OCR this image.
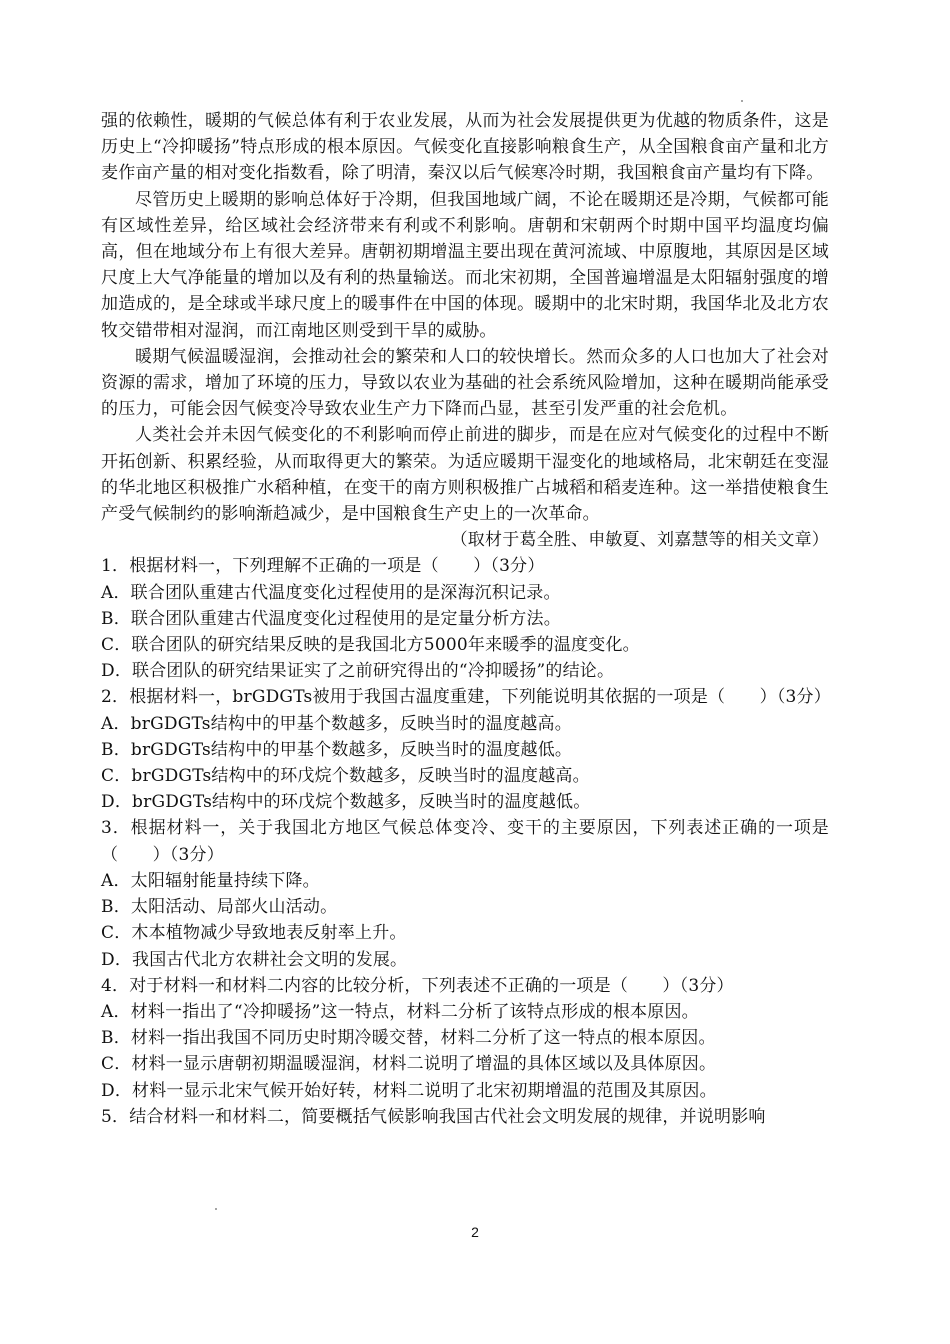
强的依赖性，暖期的气候总体有利于农业发展，从而为社会发展提供更为优越的物质条件，这是历史上“冷抑暖扬”特点形成的根本原因。气候变化直接影响粮食生产，从全国粮食亩产量和北方麦作亩产量的相对变化指数看，除了明清，秦汉以后气候寒冷时期，我国粮食亩产量均有下降。

尽管历史上暖期的影响总体好于冷期，但我国地域广阔，不论在暖期还是冷期，气候都可能有区域性差异，给区域社会经济带来有利或不利影响。唐朝和宋朝两个时期中国平均温度均偏高，但在地域分布上有很大差异。唐朝初期增温主要出现在黄河流域、中原腹地，其原因是区域尺度上大气净能量的增加以及有利的热量输送。而北宋初期，全国普遍增温是太阳辐射强度的增加造成的，是全球或半球尺度上的暖事件在中国的体现。暖期中的北宋时期，我国华北及北方农牧交错带相对湿润，而江南地区则受到干旱的威胁。

暖期气候温暖湿润，会推动社会的繁荣和人口的较快增长。然而众多的人口也加大了社会对资源的需求，增加了环境的压力，导致以农业为基础的社会系统风险增加，这种在暖期尚能承受的压力，可能会因气候变冷导致农业生产力下降而凸显，甚至引发严重的社会危机。

人类社会并未因气候变化的不利影响而停止前进的脚步，而是在应对气候变化的过程中不断开拓创新、积累经验，从而取得更大的繁荣。为适应暖期干湿变化的地域格局，北宋朝廷在变湿的华北地区积极推广水稻种植，在变干的南方则积极推广占城稻和稻麦连种。这一举措使粮食生产受气候制约的影响渐趋减少，是中国粮食生产史上的一次革命。

（取材于葛全胜、申敏夏、刘嘉慧等的相关文章）

1．根据材料一，下列理解不正确的一项是（　　）（3分）

A．联合团队重建古代温度变化过程使用的是深海沉积记录。

B．联合团队重建古代温度变化过程使用的是定量分析方法。

C．联合团队的研究结果反映的是我国北方5000年来暖季的温度变化。

D．联合团队的研究结果证实了之前研究得出的“冷抑暖扬”的结论。

2．根据材料一，brGDGTs被用于我国古温度重建，下列能说明其依据的一项是（　　）（3分）

A．brGDGTs结构中的甲基个数越多，反映当时的温度越高。

B．brGDGTs结构中的甲基个数越多，反映当时的温度越低。

C．brGDGTs结构中的环戊烷个数越多，反映当时的温度越高。

D．brGDGTs结构中的环戊烷个数越多，反映当时的温度越低。

3．根据材料一，关于我国北方地区气候总体变冷、变干的主要原因，下列表述正确的一项是（　　）（3分）

A．太阳辐射能量持续下降。

B．太阳活动、局部火山活动。

C．木本植物减少导致地表反射率上升。

D．我国古代北方农耕社会文明的发展。

4．对于材料一和材料二内容的比较分析，下列表述不正确的一项是（　　）（3分）

A．材料一指出了“冷抑暖扬”这一特点，材料二分析了该特点形成的根本原因。

B．材料一指出我国不同历史时期冷暖交替，材料二分析了这一特点的根本原因。

C．材料一显示唐朝初期温暖湿润，材料二说明了增温的具体区域以及具体原因。

D．材料一显示北宋气候开始好转，材料二说明了北宋初期增温的范围及其原因。

5．结合材料一和材料二，简要概括气候影响我国古代社会文明发展的规律，并说明影响

2
